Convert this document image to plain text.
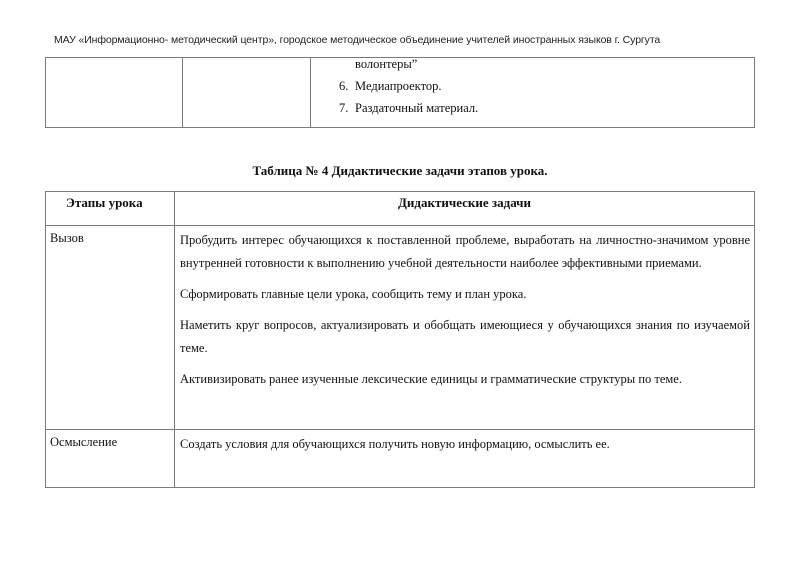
МАУ «Информационно- методический центр», городское методическое объединение учителей иностранных языков г. Сургута

волонтеры”
6. Медиапроектор.
7. Раздаточный материал.
Таблица № 4 Дидактические задачи этапов урока.
Этапы урока	Дидактические задачи
Вызов	Пробудить интерес обучающихся к поставленной проблеме, выработать на личностно-значимом уровне внутренней готовности к выполнению учебной деятельности наиболее эффективными приемами.

Сформировать главные цели урока, сообщить тему и план урока.

Наметить круг вопросов, актуализировать и обобщать имеющиеся у обучающихся знания по изучаемой теме.

Активизировать ранее изученные лексические единицы и грамматические структуры по теме.

Осмысление	Создать условия для обучающихся получить новую информацию, осмыслить ее.
